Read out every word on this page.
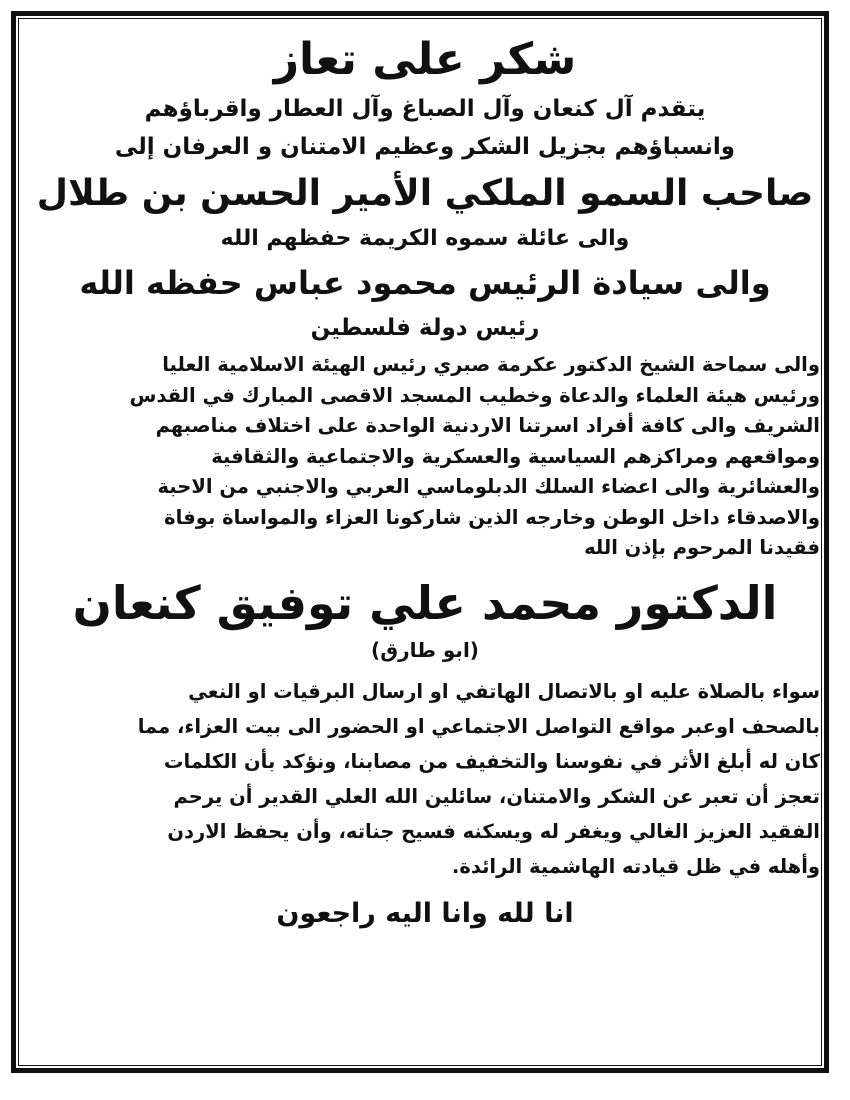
شكر على تعاز
يتقدم آل كنعان وآل الصباغ وآل العطار واقرباؤهم
وانسباؤهم بجزيل الشكر وعظيم الامتنان و العرفان إلى
صاحب السمو الملكي الأمير الحسن بن طلال
والى عائلة سموه الكريمة حفظهم الله
والى سيادة الرئيس محمود عباس حفظه الله
رئيس دولة فلسطين
والى سماحة الشيخ الدكتور عكرمة صبري رئيس الهيئة الاسلامية العليا
ورئيس هيئة العلماء والدعاة وخطيب المسجد الاقصى المبارك في القدس
الشريف والى كافة أفراد اسرتنا الاردنية الواحدة على اختلاف مناصبهم
ومواقعهم ومراكزهم السياسية والعسكرية والاجتماعية والثقافية
والعشائرية والى اعضاء السلك الدبلوماسي العربي والاجنبي من الاحبة
والاصدقاء داخل الوطن وخارجه الذين شاركونا العزاء والمواساة بوفاة
فقيدنا المرحوم بإذن الله
الدكتور محمد علي توفيق كنعان
(ابو طارق)
سواء بالصلاة عليه او بالاتصال الهاتفي او ارسال البرقيات او النعي
بالصحف اوعبر مواقع التواصل الاجتماعي او الحضور الى بيت العزاء، مما
كان له أبلغ الأثر في نفوسنا والتخفيف من مصابنا، ونؤكد بأن الكلمات
تعجز أن تعبر عن الشكر والامتنان، سائلين الله العلي القدير أن يرحم
الفقيد العزيز الغالي ويغفر له ويسكنه فسيح جناته، وأن يحفظ الاردن
وأهله في ظل قيادته الهاشمية الرائدة.
انا لله وانا اليه راجعون
